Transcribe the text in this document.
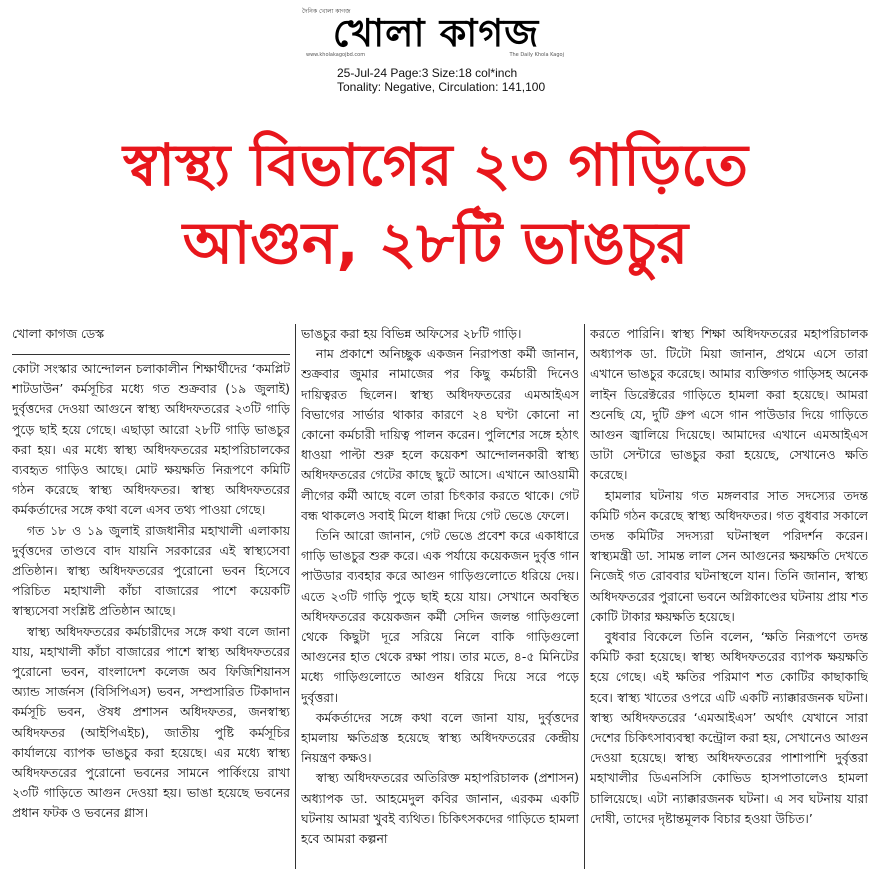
দৈনিক খোলা কাগজ
খোলা কাগজ
www.kholakagojbd.com	The Daily Khola Kagoj
25-Jul-24 Page:3 Size:18 col*inch
Tonality: Negative, Circulation: 141,100
স্বাস্থ্য বিভাগের ২৩ গাড়িতে
আগুন, ২৮টি ভাঙচুর
খোলা কাগজ ডেস্ক

কোটা সংস্কার আন্দোলন চলাকালীন শিক্ষার্থীদের ‘কমপ্লিট শাটডাউন’ কর্মসূচির মধ্যে গত শুক্রবার (১৯ জুলাই) দুর্বৃত্তদের দেওয়া আগুনে স্বাস্থ্য অধিদফতরের ২৩টি গাড়ি পুড়ে ছাই হয়ে গেছে। এছাড়া আরো ২৮টি গাড়ি ভাঙচুর করা হয়। এর মধ্যে স্বাস্থ্য অধিদফতরের মহাপরিচালকের ব্যবহৃত গাড়িও আছে। মোট ক্ষয়ক্ষতি নিরূপণে কমিটি গঠন করেছে স্বাস্থ্য অধিদফতর। স্বাস্থ্য অধিদফতরের কর্মকর্তাদের সঙ্গে কথা বলে এসব তথ্য পাওয়া গেছে।

গত ১৮ ও ১৯ জুলাই রাজধানীর মহাখালী এলাকায় দুর্বৃত্তদের তাণ্ডবে বাদ যায়নি সরকারের এই স্বাস্থ্যসেবা প্রতিষ্ঠান। স্বাস্থ্য অধিদফতরের পুরোনো ভবন হিসেবে পরিচিত মহাখালী কাঁচা বাজারের পাশে কয়েকটি স্বাস্থ্যসেবা সংশ্লিষ্ট প্রতিষ্ঠান আছে।

স্বাস্থ্য অধিদফতরের কর্মচারীদের সঙ্গে কথা বলে জানা যায়, মহাখালী কাঁচা বাজারের পাশে স্বাস্থ্য অধিদফতরের পুরোনো ভবন, বাংলাদেশ কলেজ অব ফিজিশিয়ানস অ্যান্ড সার্জনস (বিসিপিএস) ভবন, সম্প্রসারিত টিকাদান কর্মসূচি ভবন, ঔষধ প্রশাসন অধিদফতর, জনস্বাস্থ্য অধিদফতর (আইপিএইচ), জাতীয় পুষ্টি কর্মসূচির কার্যালয়ে ব্যাপক ভাঙচুর করা হয়েছে। এর মধ্যে স্বাস্থ্য অধিদফতরের পুরোনো ভবনের সামনে পার্কিংয়ে রাখা ২৩টি গাড়িতে আগুন দেওয়া হয়। ভাঙা হয়েছে ভবনের প্রধান ফটক ও ভবনের গ্লাস।

ভাঙচুর করা হয় বিভিন্ন অফিসের ২৮টি গাড়ি।

নাম প্রকাশে অনিচ্ছুক একজন নিরাপত্তা কর্মী জানান, শুক্রবার জুমার নামাজের পর কিছু কর্মচারী দিনেও দায়িত্বরত ছিলেন। স্বাস্থ্য অধিদফতরের এমআইএস বিভাগের সার্ভার থাকার কারণে ২৪ ঘণ্টা কোনো না কোনো কর্মচারী দায়িত্ব পালন করেন। পুলিশের সঙ্গে হঠাৎ ধাওয়া পাল্টা শুরু হলে কয়েকশ আন্দোলনকারী স্বাস্থ্য অধিদফতরের গেটের কাছে ছুটে আসে। এখানে আওয়ামী লীগের কর্মী আছে বলে তারা চিৎকার করতে থাকে। গেট বন্ধ থাকলেও সবাই মিলে ধাক্কা দিয়ে গেট ভেঙে ফেলে।

তিনি আরো জানান, গেট ভেঙে প্রবেশ করে একাধারে গাড়ি ভাঙচুর শুরু করে। এক পর্যায়ে কয়েকজন দুর্বৃত্ত গান পাউডার ব্যবহার করে আগুন গাড়িগুলোতে ধরিয়ে দেয়। এতে ২৩টি গাড়ি পুড়ে ছাই হয়ে যায়। সেখানে অবস্থিত অধিদফতরের কয়েকজন কর্মী সেদিন জলন্ত গাড়িগুলো থেকে কিছুটা দূরে সরিয়ে নিলে বাকি গাড়িগুলো আগুনের হাত থেকে রক্ষা পায়। তার মতে, ৪-৫ মিনিটের মধ্যে গাড়িগুলোতে আগুন ধরিয়ে দিয়ে সরে পড়ে দুর্বৃত্তরা।

কর্মকর্তাদের সঙ্গে কথা বলে জানা যায়, দুর্বৃত্তদের হামলায় ক্ষতিগ্রস্ত হয়েছে স্বাস্থ্য অধিদফতরের কেন্দ্রীয় নিয়ন্ত্রণ কক্ষও।

স্বাস্থ্য অধিদফতরের অতিরিক্ত মহাপরিচালক (প্রশাসন) অধ্যাপক ডা. আহমেদুল কবির জানান, এরকম একটি ঘটনায় আমরা খুবই ব্যথিত। চিকিৎসকদের গাড়িতে হামলা হবে আমরা কল্পনা

করতে পারিনি। স্বাস্থ্য শিক্ষা অধিদফতরের মহাপরিচালক অধ্যাপক ডা. টিটো মিয়া জানান, প্রথমে এসে তারা এখানে ভাঙচুর করেছে। আমার ব্যক্তিগত গাড়িসহ অনেক লাইন ডিরেক্টরের গাড়িতে হামলা করা হয়েছে। আমরা শুনেছি যে, দুটি গ্রুপ এসে গান পাউডার দিয়ে গাড়িতে আগুন জ্বালিয়ে দিয়েছে। আমাদের এখানে এমআইএস ডাটা সেন্টারে ভাঙচুর করা হয়েছে, সেখানেও ক্ষতি করেছে।

হামলার ঘটনায় গত মঙ্গলবার সাত সদস্যের তদন্ত কমিটি গঠন করেছে স্বাস্থ্য অধিদফতর। গত বুধবার সকালে তদন্ত কমিটির সদস্যরা ঘটনাস্থল পরিদর্শন করেন। স্বাস্থ্যমন্ত্রী ডা. সামন্ত লাল সেন আগুনের ক্ষয়ক্ষতি দেখতে নিজেই গত রোববার ঘটনাস্থলে যান। তিনি জানান, স্বাস্থ্য অধিদফতরের পুরানো ভবনে অগ্নিকাণ্ডের ঘটনায় প্রায় শত কোটি টাকার ক্ষয়ক্ষতি হয়েছে।

বুধবার বিকেলে তিনি বলেন, ‘ক্ষতি নিরূপণে তদন্ত কমিটি করা হয়েছে। স্বাস্থ্য অধিদফতরের ব্যাপক ক্ষয়ক্ষতি হয়ে গেছে। এই ক্ষতির পরিমাণ শত কোটির কাছাকাছি হবে। স্বাস্থ্য খাতের ওপরে এটি একটি ন্যাক্কারজনক ঘটনা। স্বাস্থ্য অধিদফতরের ‘এমআইএস’ অর্থাৎ যেখানে সারা দেশের চিকিৎসাব্যবস্থা কন্ট্রোল করা হয়, সেখানেও আগুন দেওয়া হয়েছে। স্বাস্থ্য অধিদফতরের পাশাপাশি দুর্বৃত্তরা মহাখালীর ডিএনসিসি কোভিড হাসপাতালেও হামলা চালিয়েছে। এটা ন্যাক্কারজনক ঘটনা। এ সব ঘটনায় যারা দোষী, তাদের দৃষ্টান্তমূলক বিচার হওয়া উচিত।’
